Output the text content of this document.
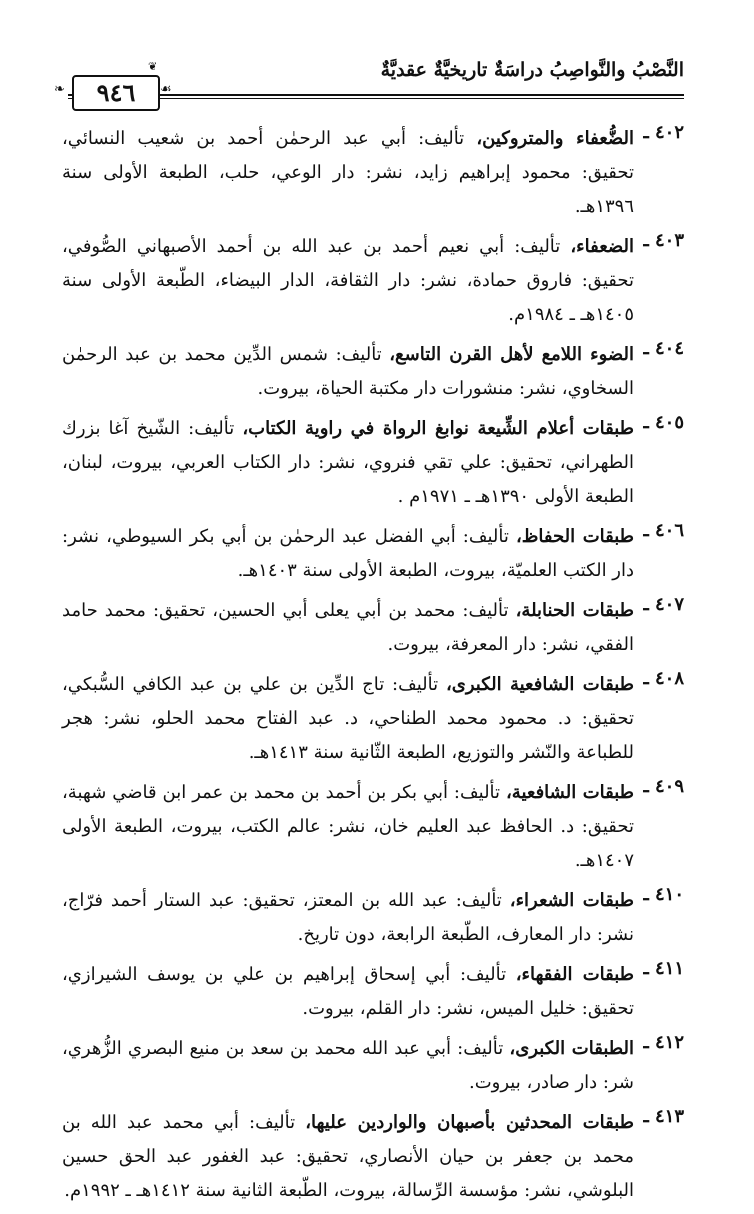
النَّصْبُ والنَّواصِبُ دراسَةٌ تاريخيَّةٌ عقديَّةٌ
❦
❧	☙
٩٤٦
٤٠٢ ـ
الضُّعفاء والمتروكين، تأليف: أبي عبد الرحمٰن أحمد بن شعيب النسائي، تحقيق: محمود إبراهيم زايد، نشر: دار الوعي، حلب، الطبعة الأولى سنة ١٣٩٦هـ.
٤٠٣ ـ
الضعفاء، تأليف: أبي نعيم أحمد بن عبد الله بن أحمد الأصبهاني الصُّوفي، تحقيق: فاروق حمادة، نشر: دار الثقافة، الدار البيضاء، الطّبعة الأولى سنة ١٤٠٥هـ ـ ١٩٨٤م.
٤٠٤ ـ
الضوء اللامع لأهل القرن التاسع، تأليف: شمس الدِّين محمد بن عبد الرحمٰن السخاوي، نشر: منشورات دار مكتبة الحياة، بيروت.
٤٠٥ ـ
طبقات أعلام الشِّيعة نوابغ الرواة في راوية الكتاب، تأليف: الشّيخ آغا بزرك الطهراني، تحقيق: علي تقي فنروي، نشر: دار الكتاب العربي، بيروت، لبنان، الطبعة الأولى ١٣٩٠هـ ـ ١٩٧١م .
٤٠٦ ـ
طبقات الحفاظ، تأليف: أبي الفضل عبد الرحمٰن بن أبي بكر السيوطي، نشر: دار الكتب العلميّة، بيروت، الطبعة الأولى سنة ١٤٠٣هـ.
٤٠٧ ـ
طبقات الحنابلة، تأليف: محمد بن أبي يعلى أبي الحسين، تحقيق: محمد حامد الفقي، نشر: دار المعرفة، بيروت.
٤٠٨ ـ
طبقات الشافعية الكبرى، تأليف: تاج الدِّين بن علي بن عبد الكافي السُّبكي، تحقيق: د. محمود محمد الطناحي، د. عبد الفتاح محمد الحلو، نشر: هجر للطباعة والنّشر والتوزيع، الطبعة الثّانية سنة ١٤١٣هـ.
٤٠٩ ـ
طبقات الشافعية، تأليف: أبي بكر بن أحمد بن محمد بن عمر ابن قاضي شهبة، تحقيق: د. الحافظ عبد العليم خان، نشر: عالم الكتب، بيروت، الطبعة الأولى ١٤٠٧هـ.
٤١٠ ـ
طبقات الشعراء، تأليف: عبد الله بن المعتز، تحقيق: عبد الستار أحمد فرّاج، نشر: دار المعارف، الطّبعة الرابعة، دون تاريخ.
٤١١ ـ
طبقات الفقهاء، تأليف: أبي إسحاق إبراهيم بن علي بن يوسف الشيرازي، تحقيق: خليل الميس، نشر: دار القلم، بيروت.
٤١٢ ـ
الطبقات الكبرى، تأليف: أبي عبد الله محمد بن سعد بن منيع البصري الزُّهري، شر: دار صادر، بيروت.
٤١٣ ـ
طبقات المحدثين بأصبهان والواردين عليها، تأليف: أبي محمد عبد الله بن محمد بن جعفر بن حيان الأنصاري، تحقيق: عبد الغفور عبد الحق حسين البلوشي، نشر: مؤسسة الرِّسالة، بيروت، الطّبعة الثانية سنة ١٤١٢هـ ـ ١٩٩٢م.
